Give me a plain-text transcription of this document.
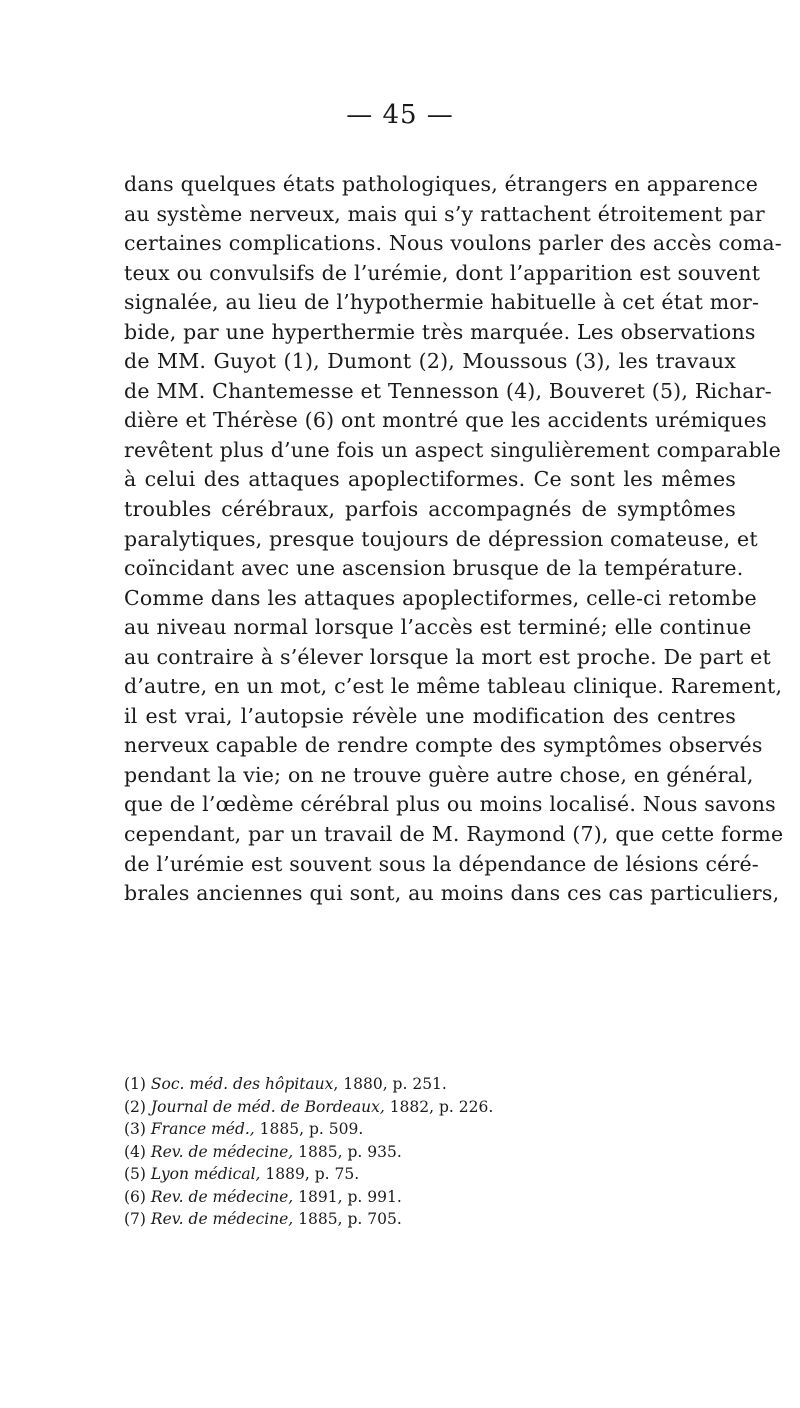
— 45 —
dans quelques états pathologiques, étrangers en apparence
au système nerveux, mais qui s’y rattachent étroitement par
certaines complications. Nous voulons parler des accès coma-
teux ou convulsifs de l’urémie, dont l’apparition est souvent
signalée, au lieu de l’hypothermie habituelle à cet état mor-
bide, par une hyperthermie très marquée. Les observations
de MM. Guyot (1), Dumont (2), Moussous (3), les travaux
de MM. Chantemesse et Tennesson (4), Bouveret (5), Richar-
dière et Thérèse (6) ont montré que les accidents urémiques
revêtent plus d’une fois un aspect singulièrement comparable
à celui des attaques apoplectiformes. Ce sont les mêmes
troubles cérébraux, parfois accompagnés de symptômes
paralytiques, presque toujours de dépression comateuse, et
coïncidant avec une ascension brusque de la température.
Comme dans les attaques apoplectiformes, celle-ci retombe
au niveau normal lorsque l’accès est terminé; elle continue
au contraire à s’élever lorsque la mort est proche. De part et
d’autre, en un mot, c’est le même tableau clinique. Rarement,
il est vrai, l’autopsie révèle une modification des centres
nerveux capable de rendre compte des symptômes observés
pendant la vie; on ne trouve guère autre chose, en général,
que de l’œdème cérébral plus ou moins localisé. Nous savons
cependant, par un travail de M. Raymond (7), que cette forme
de l’urémie est souvent sous la dépendance de lésions céré-
brales anciennes qui sont, au moins dans ces cas particuliers,
(1) Soc. méd. des hôpitaux, 1880, p. 251.
(2) Journal de méd. de Bordeaux, 1882, p. 226.
(3) France méd., 1885, p. 509.
(4) Rev. de médecine, 1885, p. 935.
(5) Lyon médical, 1889, p. 75.
(6) Rev. de médecine, 1891, p. 991.
(7) Rev. de médecine, 1885, p. 705.
